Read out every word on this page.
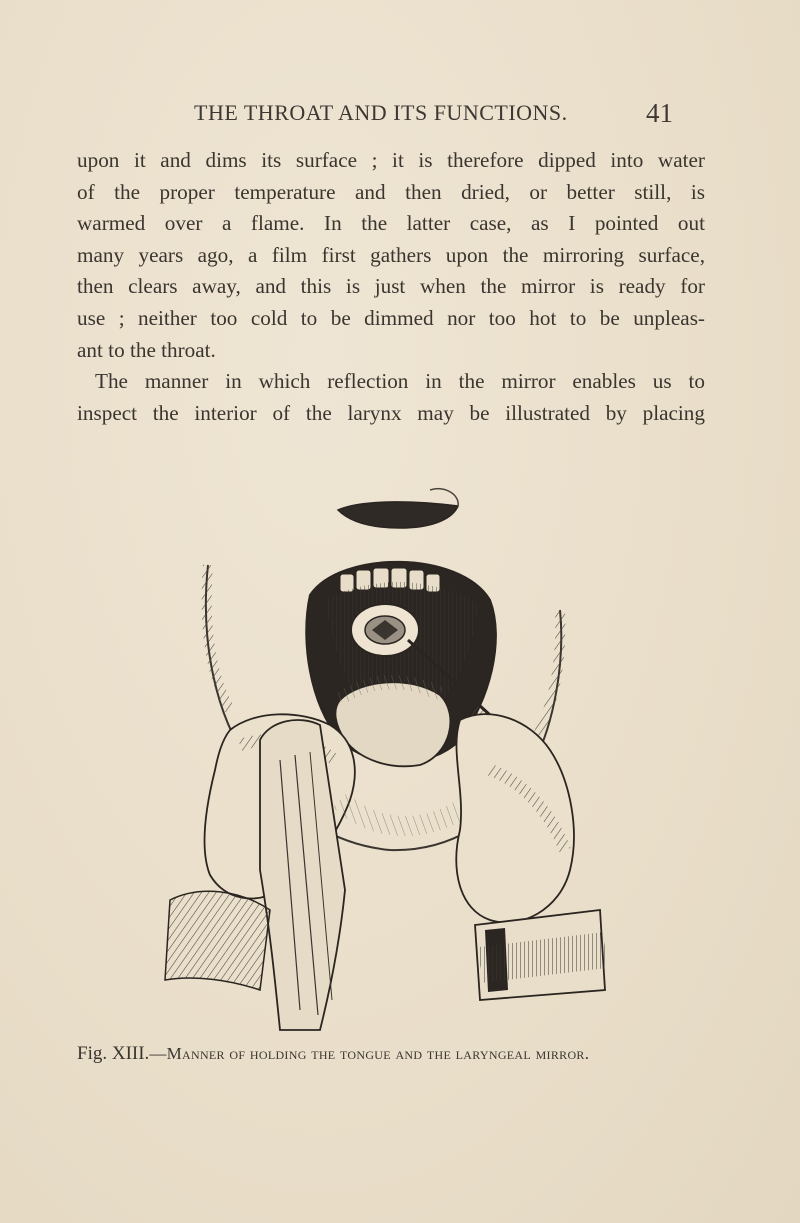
THE THROAT AND ITS FUNCTIONS.	41
upon it and dims its surface ; it is therefore dipped into water
of the proper temperature and then dried, or better still, is
warmed over a flame. In the latter case, as I pointed out
many years ago, a film first gathers upon the mirroring surface,
then clears away, and this is just when the mirror is ready for
use ; neither too cold to be dimmed nor too hot to be unpleas-
ant to the throat.
The manner in which reflection in the mirror enables us to
inspect the interior of the larynx may be illustrated by placing
Fig. XIII.—Manner of holding the tongue and the laryngeal mirror.
